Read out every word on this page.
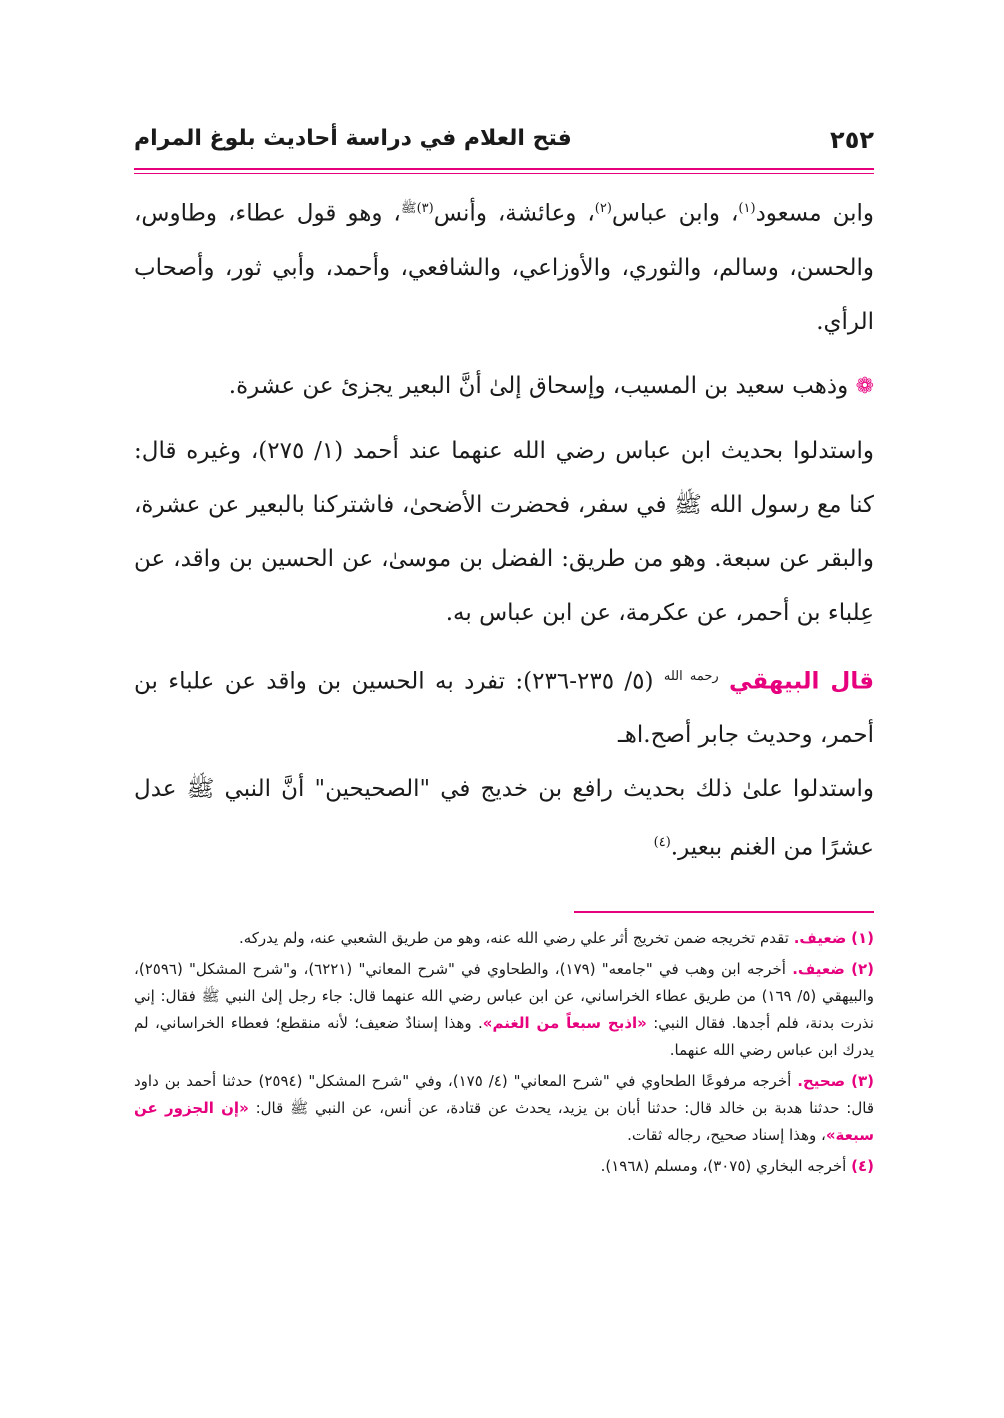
٢٥٢
فتح العلام في دراسة أحاديث بلوغ المرام

وابن مسعود$^{(١)}$، وابن عباس$^{(٢)}$، وعائشة، وأنس$^{(٣)ﷺ}$، وهو قول عطاء، وطاوس، والحسن، وسالم، والثوري، والأوزاعي، والشافعي، وأحمد، وأبي ثور، وأصحاب الرأي.

❁ وذهب سعيد بن المسيب، وإسحاق إلىٰ أنَّ البعير يجزئ عن عشرة.

واستدلوا بحديث ابن عباس رضي الله عنهما عند أحمد (١/ ٢٧٥)، وغيره قال: كنا مع رسول الله ﷺ في سفر، فحضرت الأضحىٰ، فاشتركنا بالبعير عن عشرة، والبقر عن سبعة. وهو من طريق: الفضل بن موسىٰ، عن الحسين بن واقد، عن عِلباء بن أحمر، عن عكرمة، عن ابن عباس به.

قال البيهقي $^{رحمه الله}$ (٥/ ٢٣٥-٢٣٦): تفرد به الحسين بن واقد عن علباء بن أحمر، وحديث جابر أصح.اهـ

واستدلوا علىٰ ذلك بحديث رافع بن خديج في "الصحيحين" أنَّ النبي ﷺ عدل عشرًا من الغنم ببعير.$^{(٤)}$

(١) ضعيف. تقدم تخريجه ضمن تخريج أثر علي رضي الله عنه، وهو من طريق الشعبي عنه، ولم يدركه.

(٢) ضعيف. أخرجه ابن وهب في "جامعه" (١٧٩)، والطحاوي في "شرح المعاني" (٦٢٢١)، و"شرح المشكل" (٢٥٩٦)، والبيهقي (٥/ ١٦٩) من طريق عطاء الخراساني، عن ابن عباس رضي الله عنهما قال: جاء رجل إلىٰ النبي ﷺ فقال: إني نذرت بدنة، فلم أجدها. فقال النبي: «اذبح سبعاً من الغنم». وهذا إسنادٌ ضعيف؛ لأنه منقطع؛ فعطاء الخراساني، لم يدرك ابن عباس رضي الله عنهما.

(٣) صحيح. أخرجه مرفوعًا الطحاوي في "شرح المعاني" (٤/ ١٧٥)، وفي "شرح المشكل" (٢٥٩٤) حدثنا أحمد بن داود قال: حدثنا هدبة بن خالد قال: حدثنا أبان بن يزيد، يحدث عن قتادة، عن أنس، عن النبي ﷺ قال: «إن الجزور عن سبعة»، وهذا إسناد صحيح، رجاله ثقات.

(٤) أخرجه البخاري (٣٠٧٥)، ومسلم (١٩٦٨).
